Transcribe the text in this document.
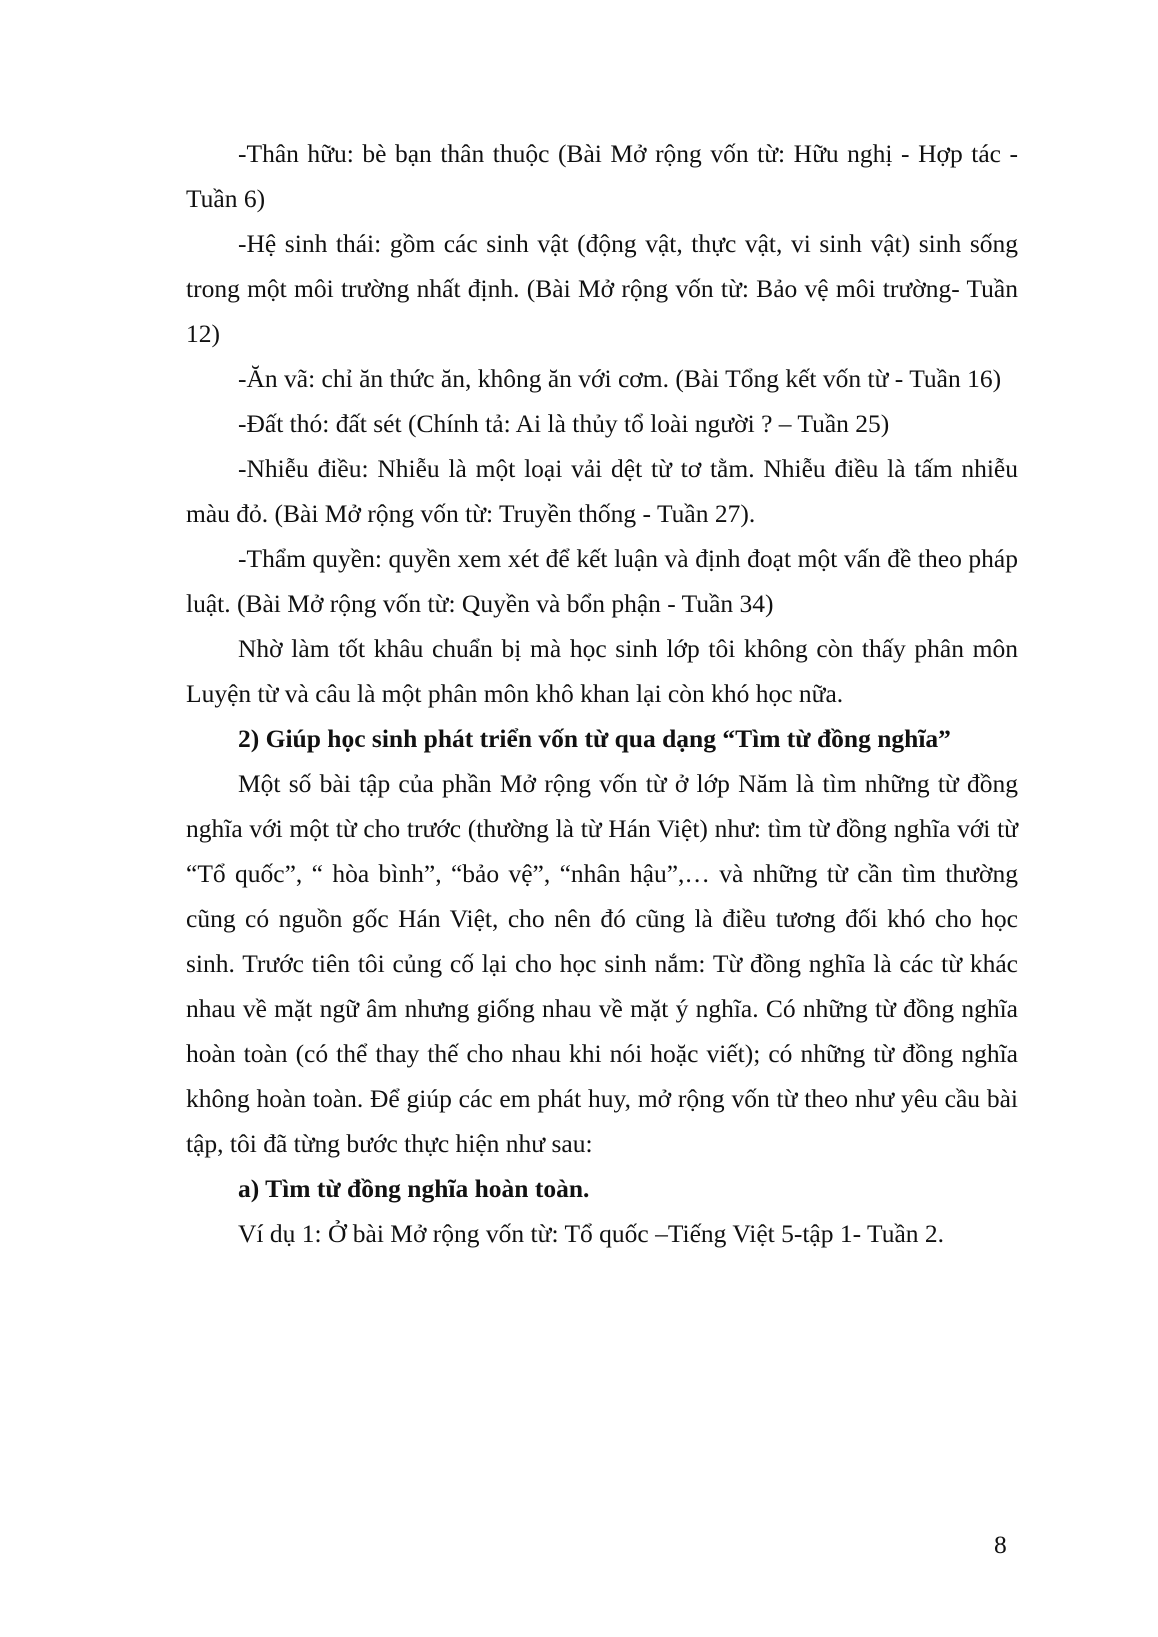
-Thân hữu: bè bạn thân thuộc (Bài Mở rộng vốn từ: Hữu nghị - Hợp tác - Tuần 6)

-Hệ sinh thái: gồm các sinh vật (động vật, thực vật, vi sinh vật) sinh sống trong một môi trường nhất định. (Bài Mở rộng vốn từ: Bảo vệ môi trường- Tuần 12)

-Ăn vã: chỉ ăn thức ăn, không ăn với cơm. (Bài Tổng kết vốn từ - Tuần 16)

-Đất thó: đất sét (Chính tả: Ai là thủy tổ loài người ? – Tuần 25)

-Nhiễu điều: Nhiễu là một loại vải dệt từ tơ tằm. Nhiễu điều là tấm nhiễu màu đỏ. (Bài Mở rộng vốn từ: Truyền thống - Tuần 27).

-Thẩm quyền: quyền xem xét để kết luận và định đoạt một vấn đề theo pháp luật. (Bài Mở rộng vốn từ: Quyền và bổn phận - Tuần 34)

Nhờ làm tốt khâu chuẩn bị mà học sinh lớp tôi không còn thấy phân môn Luyện từ và câu là một phân môn khô khan lại còn khó học nữa.

2) Giúp học sinh phát triển vốn từ qua dạng “Tìm từ đồng nghĩa”

Một số bài tập của phần Mở rộng vốn từ ở lớp Năm là tìm những từ đồng nghĩa với một từ cho trước (thường là từ Hán Việt) như: tìm từ đồng nghĩa với từ “Tổ quốc”, “ hòa bình”, “bảo vệ”, “nhân hậu”,… và những từ cần tìm thường cũng có nguồn gốc Hán Việt, cho nên đó cũng là điều tương đối khó cho học sinh. Trước tiên tôi củng cố lại cho học sinh nắm: Từ đồng nghĩa là các từ khác nhau về mặt ngữ âm nhưng giống nhau về mặt ý nghĩa. Có những từ đồng nghĩa hoàn toàn (có thể thay thế cho nhau khi nói hoặc viết); có những từ đồng nghĩa không hoàn toàn. Để giúp các em phát huy, mở rộng vốn từ theo như yêu cầu bài tập, tôi đã từng bước thực hiện như sau:

a) Tìm từ đồng nghĩa hoàn toàn.

Ví dụ 1: Ở bài Mở rộng vốn từ: Tổ quốc –Tiếng Việt 5-tập 1- Tuần 2.

8
